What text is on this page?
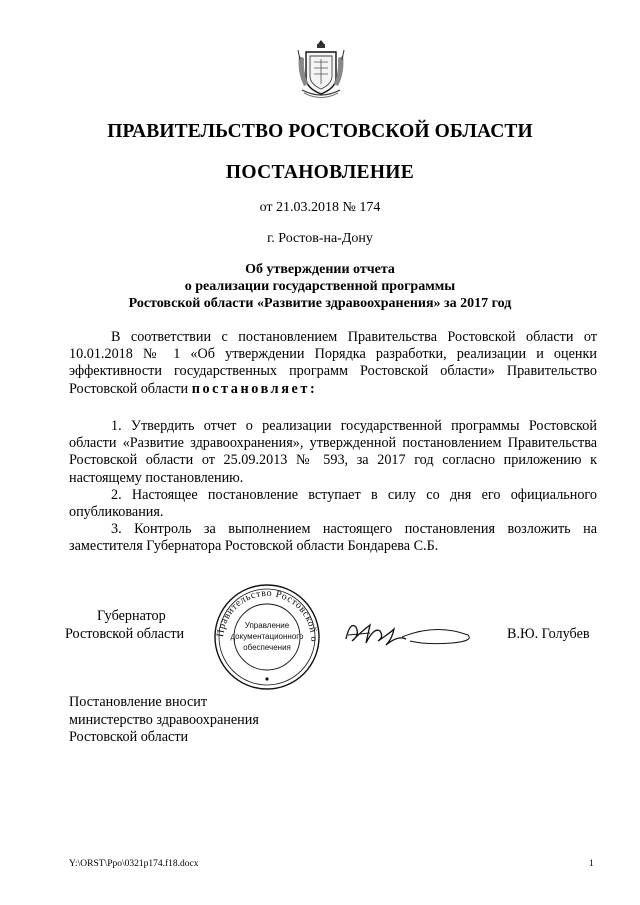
ПРАВИТЕЛЬСТВО РОСТОВСКОЙ ОБЛАСТИ
ПОСТАНОВЛЕНИЕ
от 21.03.2018 № 174
г. Ростов-на-Дону
Об утверждении отчета
о реализации государственной программы
Ростовской области «Развитие здравоохранения» за 2017 год
В соответствии с постановлением Правительства Ростовской области от 10.01.2018 № 1 «Об утверждении Порядка разработки, реализации и оценки эффективности государственных программ Ростовской области» Правительство Ростовской области постановляет:
1. Утвердить отчет о реализации государственной программы Ростовской области «Развитие здравоохранения», утвержденной постановлением Правительства Ростовской области от 25.09.2013 № 593, за 2017 год согласно приложению к настоящему постановлению.
2. Настоящее постановление вступает в силу со дня его официального опубликования.
3. Контроль за выполнением настоящего постановления возложить на заместителя Губернатора Ростовской области Бондарева С.Б.
Губернатор
Ростовской области	Правительство Ростовской о
Управление
документационного
обеспечения
В.Ю. Голубев
Постановление вносит
министерство здравоохранения
Ростовской области
Y:\ORST\Ppo\0321p174.f18.docx	1
